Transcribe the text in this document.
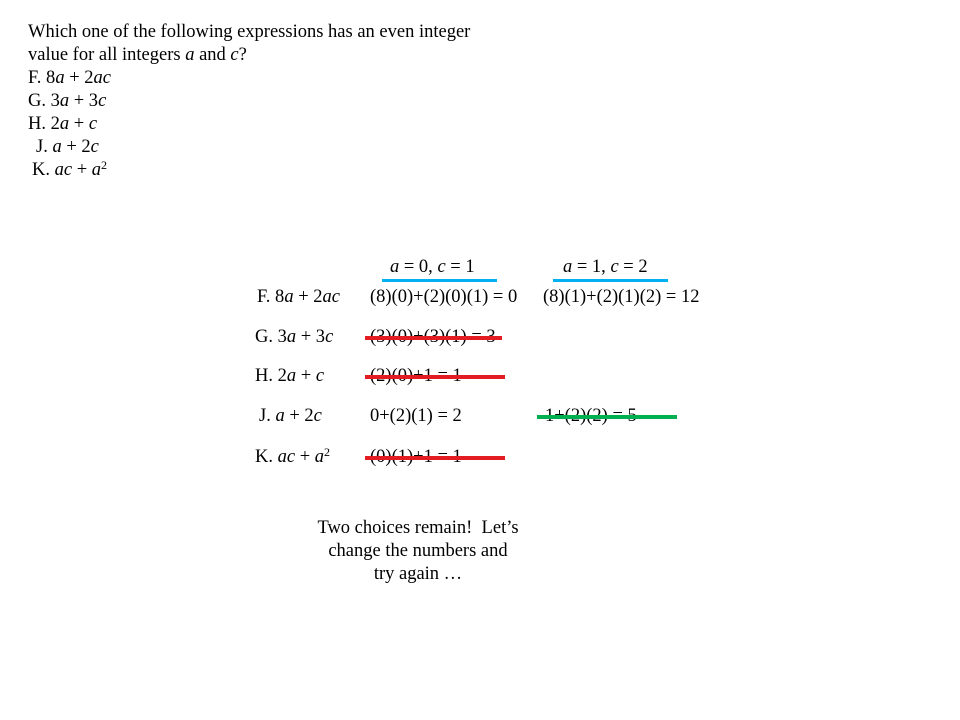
Which one of the following expressions has an even integer
value for all integers a and c?
F. 8a + 2ac
G. 3a + 3c
H. 2a + c
J. a + 2c
K. ac + $a^2$
a = 0, c = 1	a = 1, c = 2
F. 8a + 2ac (8)(0)+(2)(0)(1) = 0 (8)(1)+(2)(1)(2) = 12
G. 3a + 3c
H. 2a + c
J. a + 2c	0+(2)(1) = 2
K. ac + $a^2$
Two choices remain!  Let’s
change the numbers and
try again …
